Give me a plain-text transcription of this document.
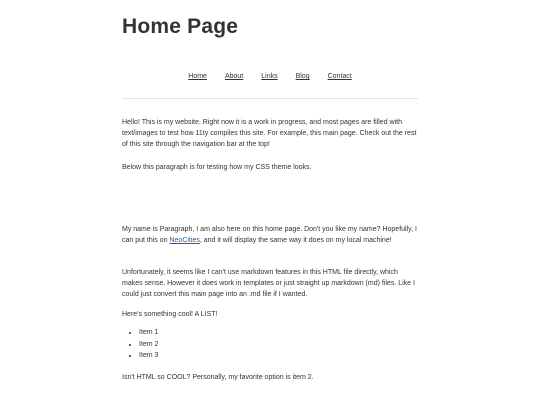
Home Page
Home	About	Links	Blog	Contact

Hello! This is my website. Right now it is a work in progress, and most pages are filled with text/images to test how 11ty compiles this site. For example, this main page. Check out the rest of this site through the navigation bar at the top!

Below this paragraph is for testing how my CSS theme looks.

My name is Paragraph, I am also here on this home page. Don't you like my name? Hopefully, I can put this on NeoCities, and it will display the same way it does on my local machine!

Unfortunately, it seems like I can't use markdown features in this HTML file directly, which makes sense. However it does work in templates or just straight up markdown (md) files. Like I could just convert this main page into an .md file if I wanted.

Here's something cool! A LIST!

• Item 1
• Item 2
• Item 3

Isn't HTML so COOL? Personally, my favorite option is item 2.
